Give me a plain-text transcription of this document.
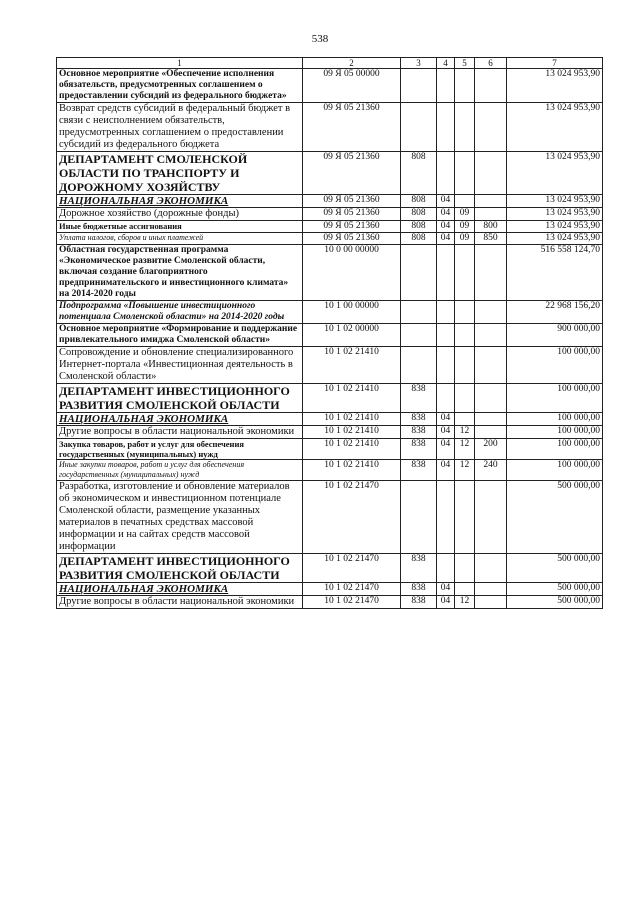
538
1	2	3	4	5	6	7
Основное мероприятие «Обеспечение исполнения обязательств, предусмотренных соглашением о предоставлении субсидий из федерального бюджета»	09 Я 05 00000					13 024 953,90
Возврат средств субсидий в федеральный бюджет в связи с неисполнением обязательств, предусмотренных соглашением о предоставлении субсидий из федерального бюджета	09 Я 05 21360					13 024 953,90
ДЕПАРТАМЕНТ СМОЛЕНСКОЙ ОБЛАСТИ ПО ТРАНСПОРТУ И ДОРОЖНОМУ ХОЗЯЙСТВУ	09 Я 05 21360	808				13 024 953,90
НАЦИОНАЛЬНАЯ ЭКОНОМИКА	09 Я 05 21360	808	04			13 024 953,90
Дорожное хозяйство (дорожные фонды)	09 Я 05 21360	808	04	09		13 024 953,90
Иные бюджетные ассигнования	09 Я 05 21360	808	04	09	800	13 024 953,90
Уплата налогов, сборов и иных платежей	09 Я 05 21360	808	04	09	850	13 024 953,90
Областная государственная программа «Экономическое развитие Смоленской области, включая создание благоприятного предпринимательского и инвестиционного климата» на 2014-2020 годы	10 0 00 00000					516 558 124,70
Подпрограмма «Повышение инвестиционного потенциала Смоленской области» на 2014-2020 годы	10 1 00 00000					22 968 156,20
Основное мероприятие «Формирование и поддержание привлекательного имиджа Смоленской области»	10 1 02 00000					900 000,00
Сопровождение и обновление специализированного Интернет-портала «Инвестиционная деятельность в Смоленской области»	10 1 02 21410					100 000,00
ДЕПАРТАМЕНТ ИНВЕСТИЦИОННОГО РАЗВИТИЯ СМОЛЕНСКОЙ ОБЛАСТИ	10 1 02 21410	838				100 000,00
НАЦИОНАЛЬНАЯ ЭКОНОМИКА	10 1 02 21410	838	04			100 000,00
Другие вопросы в области национальной экономики	10 1 02 21410	838	04	12		100 000,00
Закупка товаров, работ и услуг для обеспечения государственных (муниципальных) нужд	10 1 02 21410	838	04	12	200	100 000,00
Иные закупки товаров, работ и услуг для обеспечения государственных (муниципальных) нужд	10 1 02 21410	838	04	12	240	100 000,00
Разработка, изготовление и обновление материалов об экономическом и инвестиционном потенциале Смоленской области, размещение указанных материалов в печатных средствах массовой информации и на сайтах средств массовой информации	10 1 02 21470					500 000,00
ДЕПАРТАМЕНТ ИНВЕСТИЦИОННОГО РАЗВИТИЯ СМОЛЕНСКОЙ ОБЛАСТИ	10 1 02 21470	838				500 000,00
НАЦИОНАЛЬНАЯ ЭКОНОМИКА	10 1 02 21470	838	04			500 000,00
Другие вопросы в области национальной экономики	10 1 02 21470	838	04	12		500 000,00
